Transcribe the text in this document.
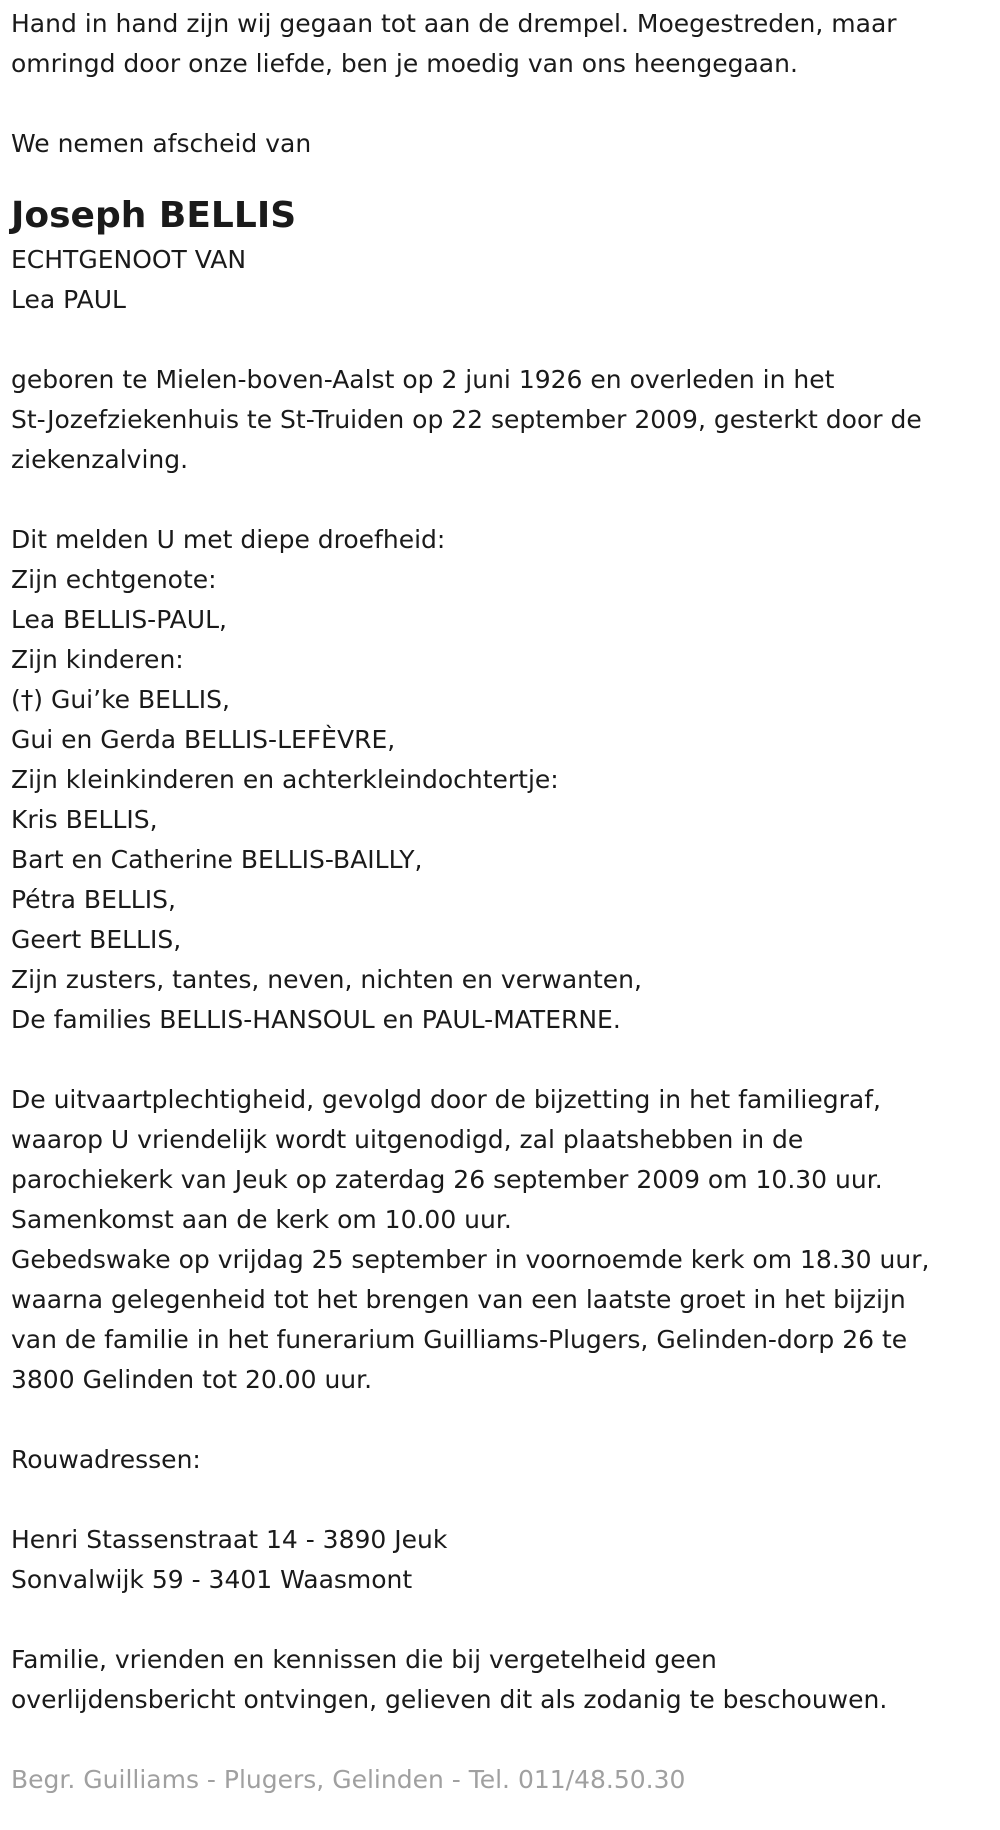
Hand in hand zijn wij gegaan tot aan de drempel. Moegestreden, maar

omringd door onze liefde, ben je moedig van ons heengegaan.

We nemen afscheid van

Joseph BELLIS

ECHTGENOOT VAN

Lea PAUL

geboren te Mielen-boven-Aalst op 2 juni 1926 en overleden in het

St-Jozefziekenhuis te St-Truiden op 22 september 2009, gesterkt door de

ziekenzalving.

Dit melden U met diepe droefheid:

Zijn echtgenote:

Lea BELLIS-PAUL,

Zijn kinderen:

(†) Gui’ke BELLIS,

Gui en Gerda BELLIS-LEFÈVRE,

Zijn kleinkinderen en achterkleindochtertje:

Kris BELLIS,

Bart en Catherine BELLIS-BAILLY,

Pétra BELLIS,

Geert BELLIS,

Zijn zusters, tantes, neven, nichten en verwanten,

De families BELLIS-HANSOUL en PAUL-MATERNE.

De uitvaartplechtigheid, gevolgd door de bijzetting in het familiegraf,

waarop U vriendelijk wordt uitgenodigd, zal plaatshebben in de

parochiekerk van Jeuk op zaterdag 26 september 2009 om 10.30 uur.

Samenkomst aan de kerk om 10.00 uur.

Gebedswake op vrijdag 25 september in voornoemde kerk om 18.30 uur,

waarna gelegenheid tot het brengen van een laatste groet in het bijzijn

van de familie in het funerarium Guilliams-Plugers, Gelinden-dorp 26 te

3800 Gelinden tot 20.00 uur.

Rouwadressen:

Henri Stassenstraat 14 - 3890 Jeuk

Sonvalwijk 59 - 3401 Waasmont

Familie, vrienden en kennissen die bij vergetelheid geen

overlijdensbericht ontvingen, gelieven dit als zodanig te beschouwen.

Begr. Guilliams - Plugers, Gelinden - Tel. 011/48.50.30
